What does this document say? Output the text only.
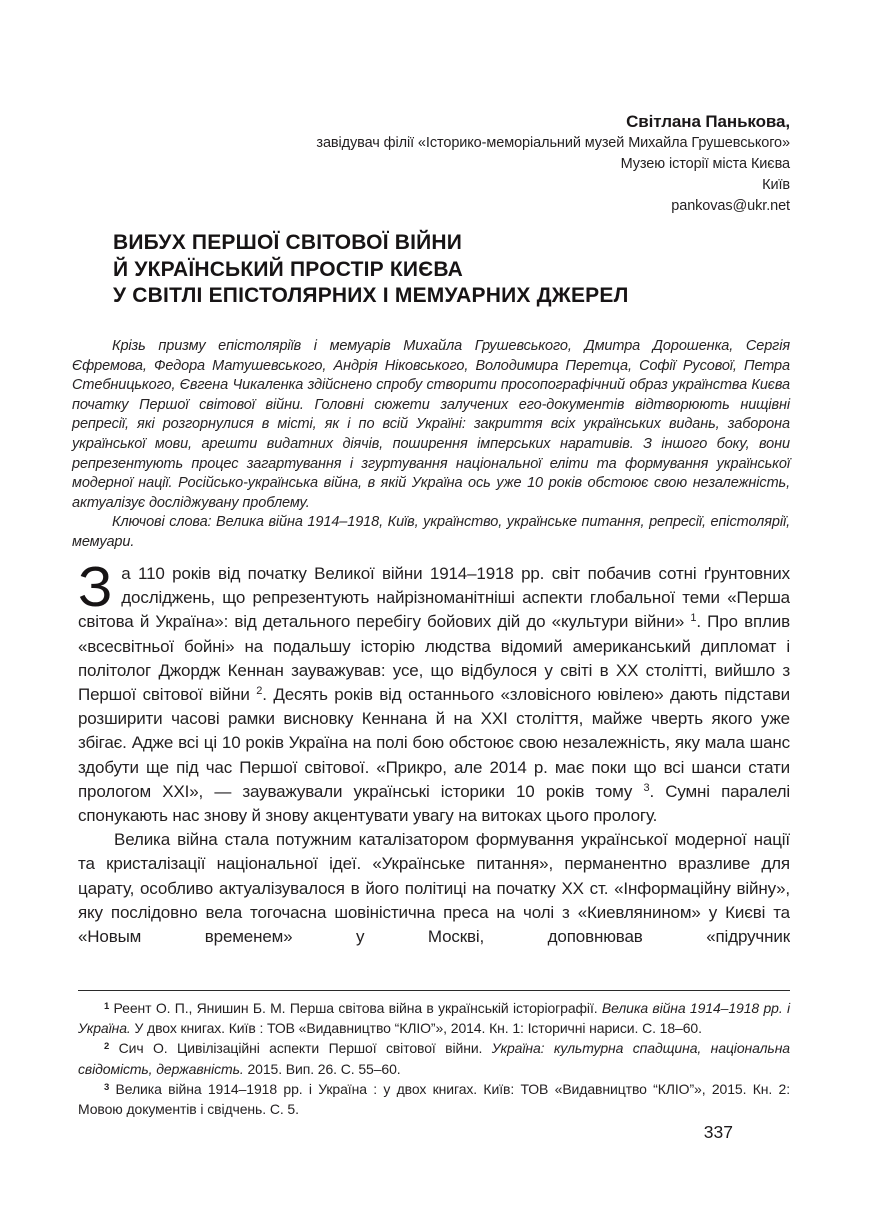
Світлана Панькова,
завідувач філії «Історико-меморіальний музей Михайла Грушевського»
Музею історії міста Києва
Київ
pankovas@ukr.net
ВИБУХ ПЕРШОЇ СВІТОВОЇ ВІЙНИ
Й УКРАЇНСЬКИЙ ПРОСТІР КИЄВА
У СВІТЛІ ЕПІСТОЛЯРНИХ І МЕМУАРНИХ ДЖЕРЕЛ

Крізь призму епістоляріїв і мемуарів Михайла Грушевського, Дмитра Дорошенка, Сергія Єфремова, Федора Матушевського, Андрія Ніковського, Володимира Перетца, Софії Русової, Петра Стебницького, Євгена Чикаленка здійснено спробу створити просопографічний образ українства Києва початку Першої світової війни. Головні сюжети залучених его-документів відтворюють нищівні репресії, які розгорнулися в місті, як і по всій Україні: закриття всіх українських видань, заборона української мови, арешти видатних діячів, поширення імперських наративів. З іншого боку, вони репрезентують процес загартування і згуртування національної еліти та формування української модерної нації. Російсько-українська війна, в якій Україна ось уже 10 років обстоює свою незалежність, актуалізує досліджувану проблему.

Ключові слова: Велика війна 1914–1918, Київ, українство, українське питання, репресії, епістолярії, мемуари.

За 110 років від початку Великої війни 1914–1918 рр. світ побачив сотні ґрунтовних досліджень, що репрезентують найрізноманітніші аспекти глобальної теми «Перша світова й Україна»: від детального перебігу бойових дій до «культури війни» $^1$. Про вплив «всесвітньої бойні» на подальшу історію людства відомий американський дипломат і політолог Джордж Кеннан зауважував: усе, що відбулося у світі в ХХ столітті, вийшло з Першої світової війни $^2$. Десять років від останнього «зловісного ювілею» дають підстави розширити часові рамки висновку Кеннана й на ХХІ століття, майже чверть якого уже збігає. Адже всі ці 10 років Україна на полі бою обстоює свою незалежність, яку мала шанс здобути ще під час Першої світової. «Прикро, але 2014 р. має поки що всі шанси стати прологом ХХІ», — зауважували українські історики 10 років тому $^3$. Сумні паралелі спонукають нас знову й знову акцентувати увагу на витоках цього прологу.

Велика війна стала потужним каталізатором формування української модерної нації та кристалізації національної ідеї. «Українське питання», перманентно вразливе для царату, особливо актуалізувалося в його політиці на початку ХХ ст. «Інформаційну війну», яку послідовно вела тогочасна шовіністична преса на чолі з «Киевлянином» у Києві та «Новым временем» у Москві, доповнював «підручник

$^1$ Реент О. П., Янишин Б. М. Перша світова війна в українській історіографії. Велика війна 1914–1918 рр. і Україна. У двох книгах. Київ : ТОВ «Видавництво “КЛІО”», 2014. Кн. 1: Історичні нариси. С. 18–60.

$^2$ Сич О. Цивілізаційні аспекти Першої світової війни. Україна: культурна спадщина, національна свідомість, державність. 2015. Вип. 26. С. 55–60.

$^3$ Велика війна 1914–1918 рр. і Україна : у двох книгах. Київ: ТОВ «Видавництво “КЛІО”», 2015. Кн. 2: Мовою документів і свідчень. С. 5.

337
